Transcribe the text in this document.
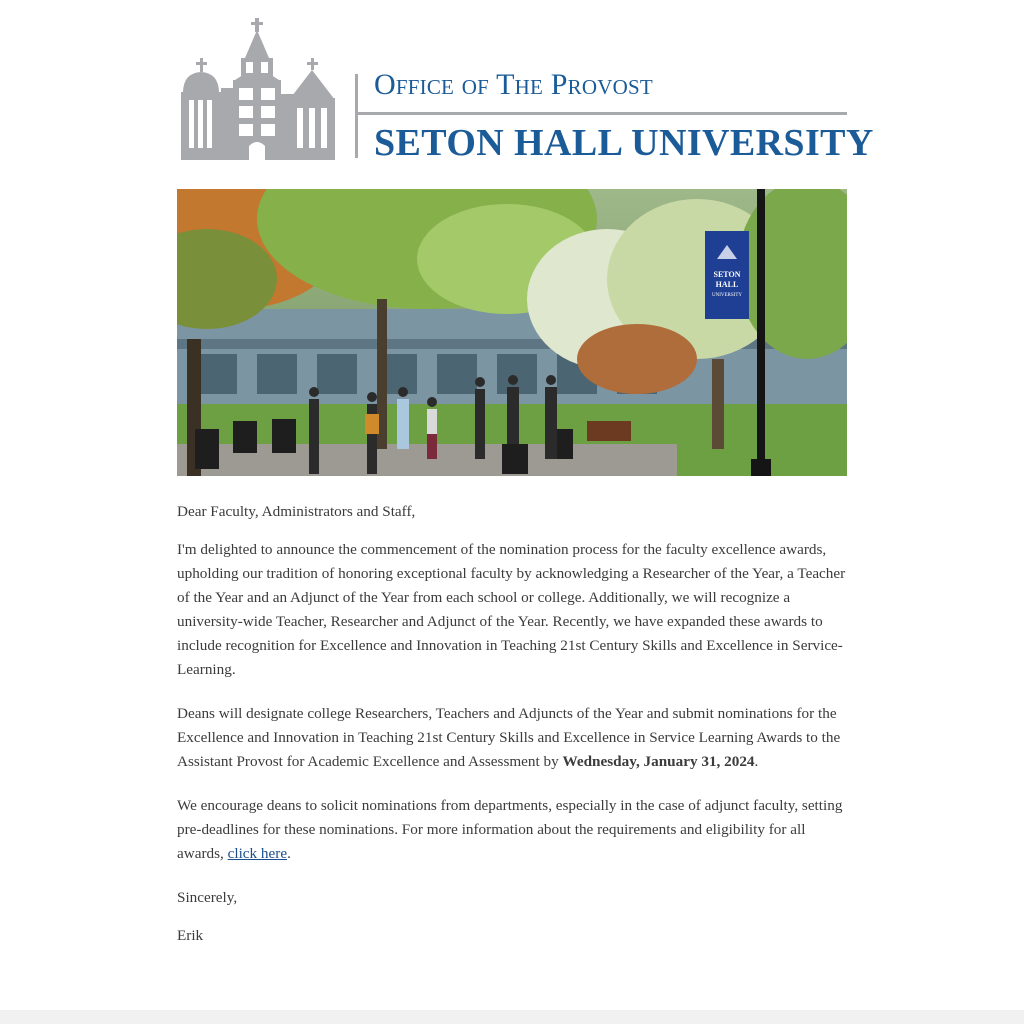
Office of The Provost
SETON HALL UNIVERSITY
SETON
HALL
UNIVERSITY

Dear Faculty, Administrators and Staff,

I'm delighted to announce the commencement of the nomination process for the faculty excellence awards, upholding our tradition of honoring exceptional faculty by acknowledging a Researcher of the Year, a Teacher of the Year and an Adjunct of the Year from each school or college. Additionally, we will recognize a university-wide Teacher, Researcher and Adjunct of the Year. Recently, we have expanded these awards to include recognition for Excellence and Innovation in Teaching 21st Century Skills and Excellence in Service-Learning.

Deans will designate college Researchers, Teachers and Adjuncts of the Year and submit nominations for the Excellence and Innovation in Teaching 21st Century Skills and Excellence in Service Learning Awards to the Assistant Provost for Academic Excellence and Assessment by Wednesday, January 31, 2024.

We encourage deans to solicit nominations from departments, especially in the case of adjunct faculty, setting pre-deadlines for these nominations. For more information about the requirements and eligibility for all awards, click here.

Sincerely,

Erik
